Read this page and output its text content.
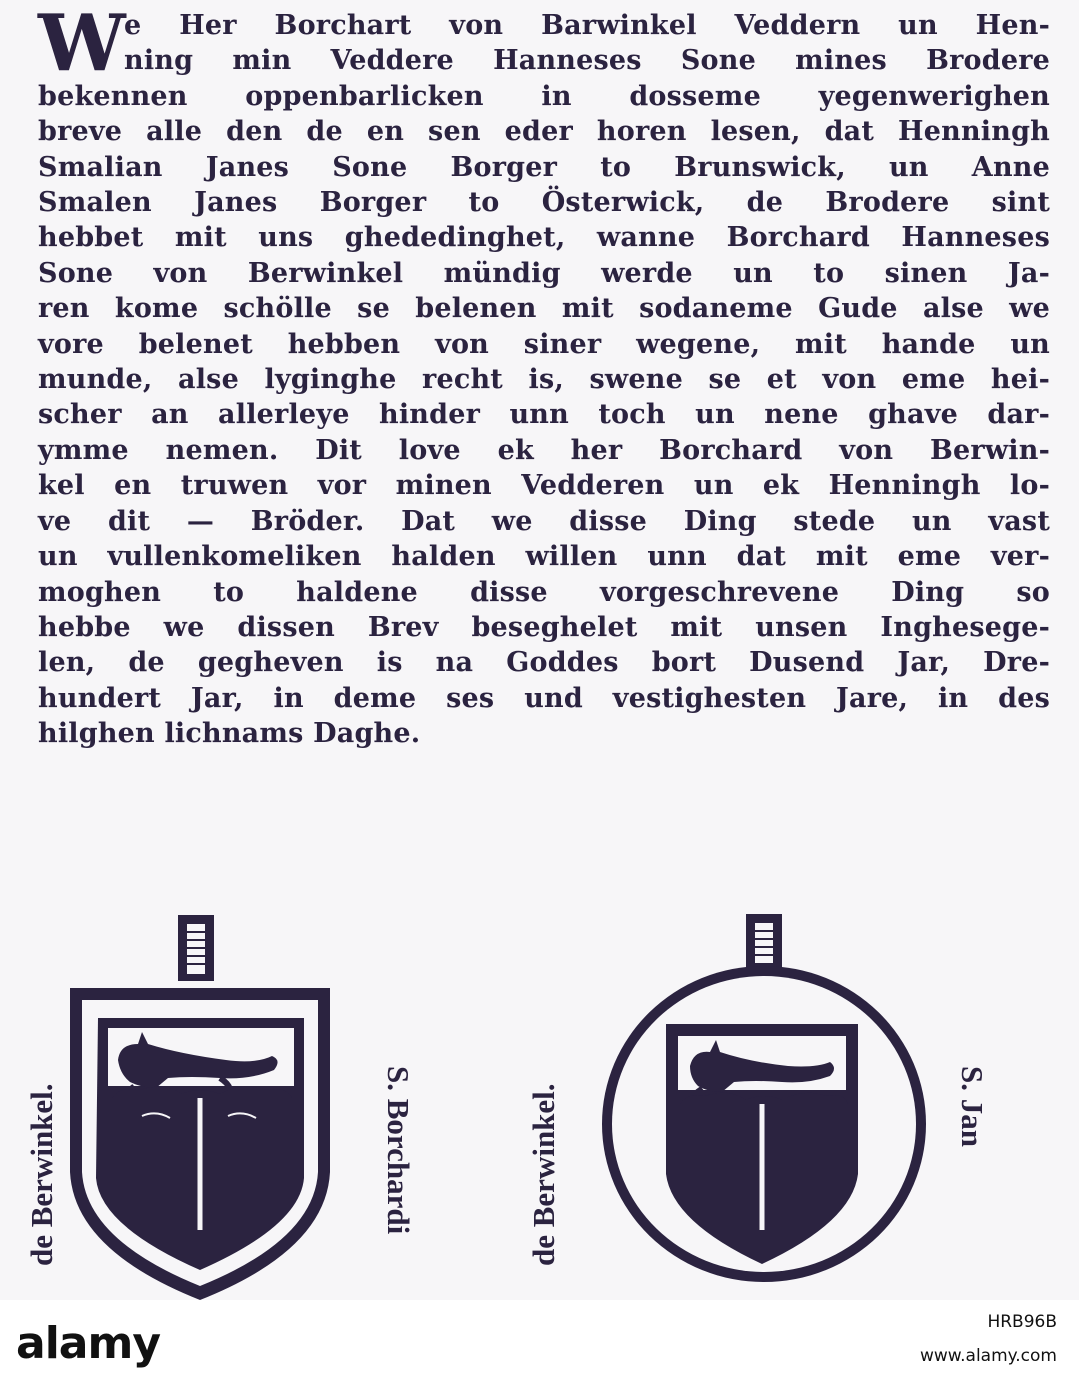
W
e Her Borchart von Barwinkel Veddern un Hen-
ning min Veddere Hanneses Sone mines Brodere
bekennen oppenbarlicken in dosseme yegenwerighen
breve alle den de en sen eder horen lesen, dat Henningh
Smalian Janes Sone Borger to Brunswick, un Anne
Smalen Janes Borger to Österwick, de Brodere sint
hebbet mit uns ghededinghet, wanne Borchard Hanneses
Sone von Berwinkel mündig werde un to sinen Ja-
ren kome schölle se belenen mit sodaneme Gude alse we
vore belenet hebben von siner wegene, mit hande un
munde, alse lyginghe recht is, swene se et von eme hei-
scher an allerleye hinder unn toch un nene ghave dar-
ymme nemen. Dit love ek her Borchard von Berwin-
kel en truwen vor minen Vedderen un ek Henningh lo-
ve dit — Bröder. Dat we disse Ding stede un vast
un vullenkomeliken halden willen unn dat mit eme ver-
moghen to haldene disse vorgeschrevene Ding so
hebbe we dissen Brev beseghelet mit unsen Inghesege-
len, de gegheven is na Goddes bort Dusend Jar, Dre-
hundert Jar, in deme ses und vestighesten Jare, in des
hilghen lichnams Daghe.
de Berwinkel.	S. Borchardi	de Berwinkel.	S. Jan
alamy	HRB96B
www.alamy.com
